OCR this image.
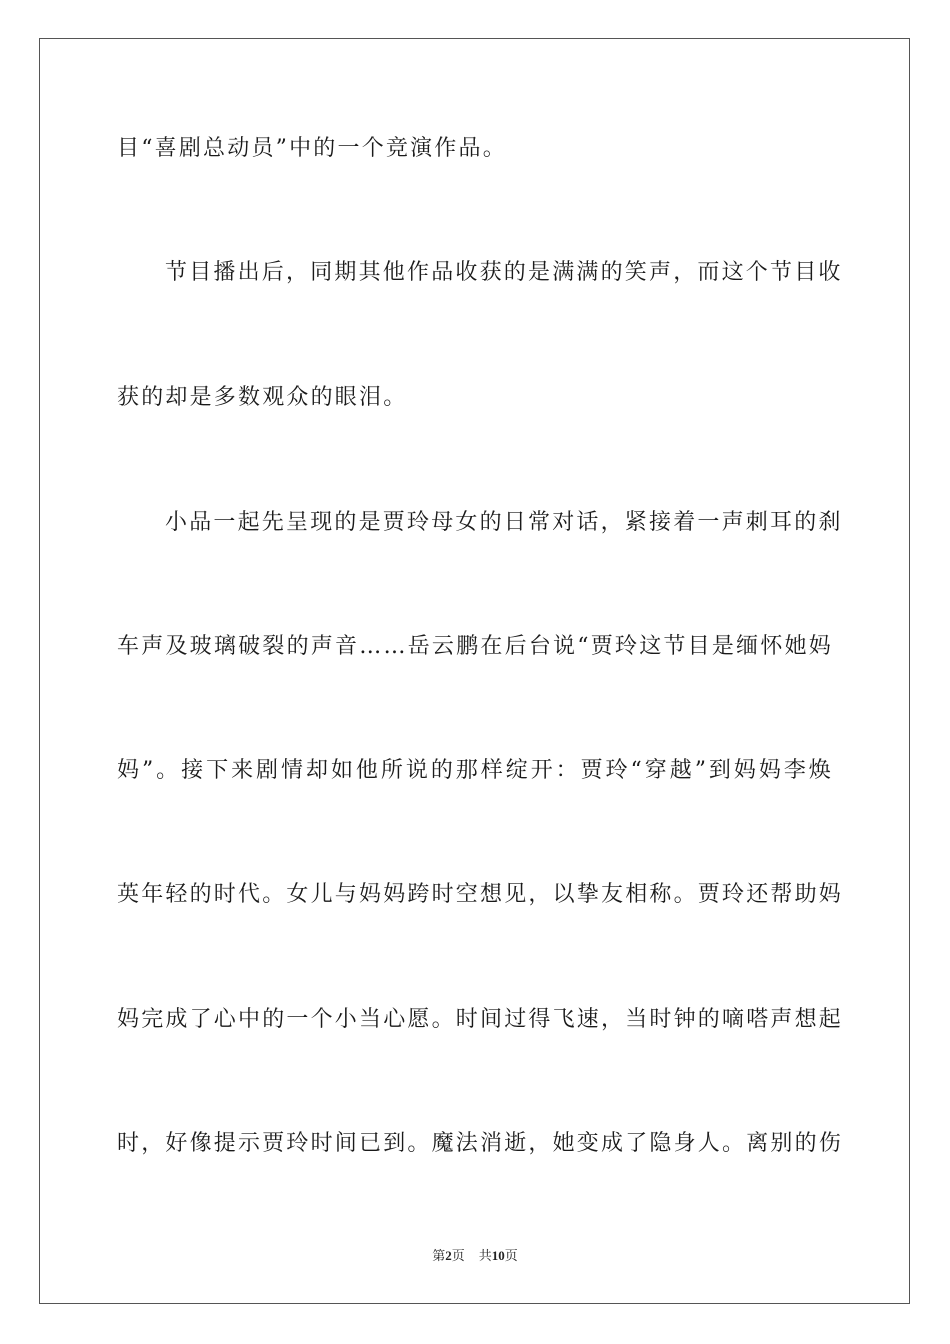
目“喜剧总动员”中的一个竞演作品。
节目播出后，同期其他作品收获的是满满的笑声，而这个节目收
获的却是多数观众的眼泪。
小品一起先呈现的是贾玲母女的日常对话，紧接着一声刺耳的刹
车声及玻璃破裂的声音……岳云鹏在后台说“贾玲这节目是缅怀她妈
妈”。接下来剧情却如他所说的那样绽开：贾玲“穿越”到妈妈李焕
英年轻的时代。女儿与妈妈跨时空想见，以挚友相称。贾玲还帮助妈
妈完成了心中的一个小当心愿。时间过得飞速，当时钟的嘀嗒声想起
时，好像提示贾玲时间已到。魔法消逝，她变成了隐身人。离别的伤
第2页 共10页
